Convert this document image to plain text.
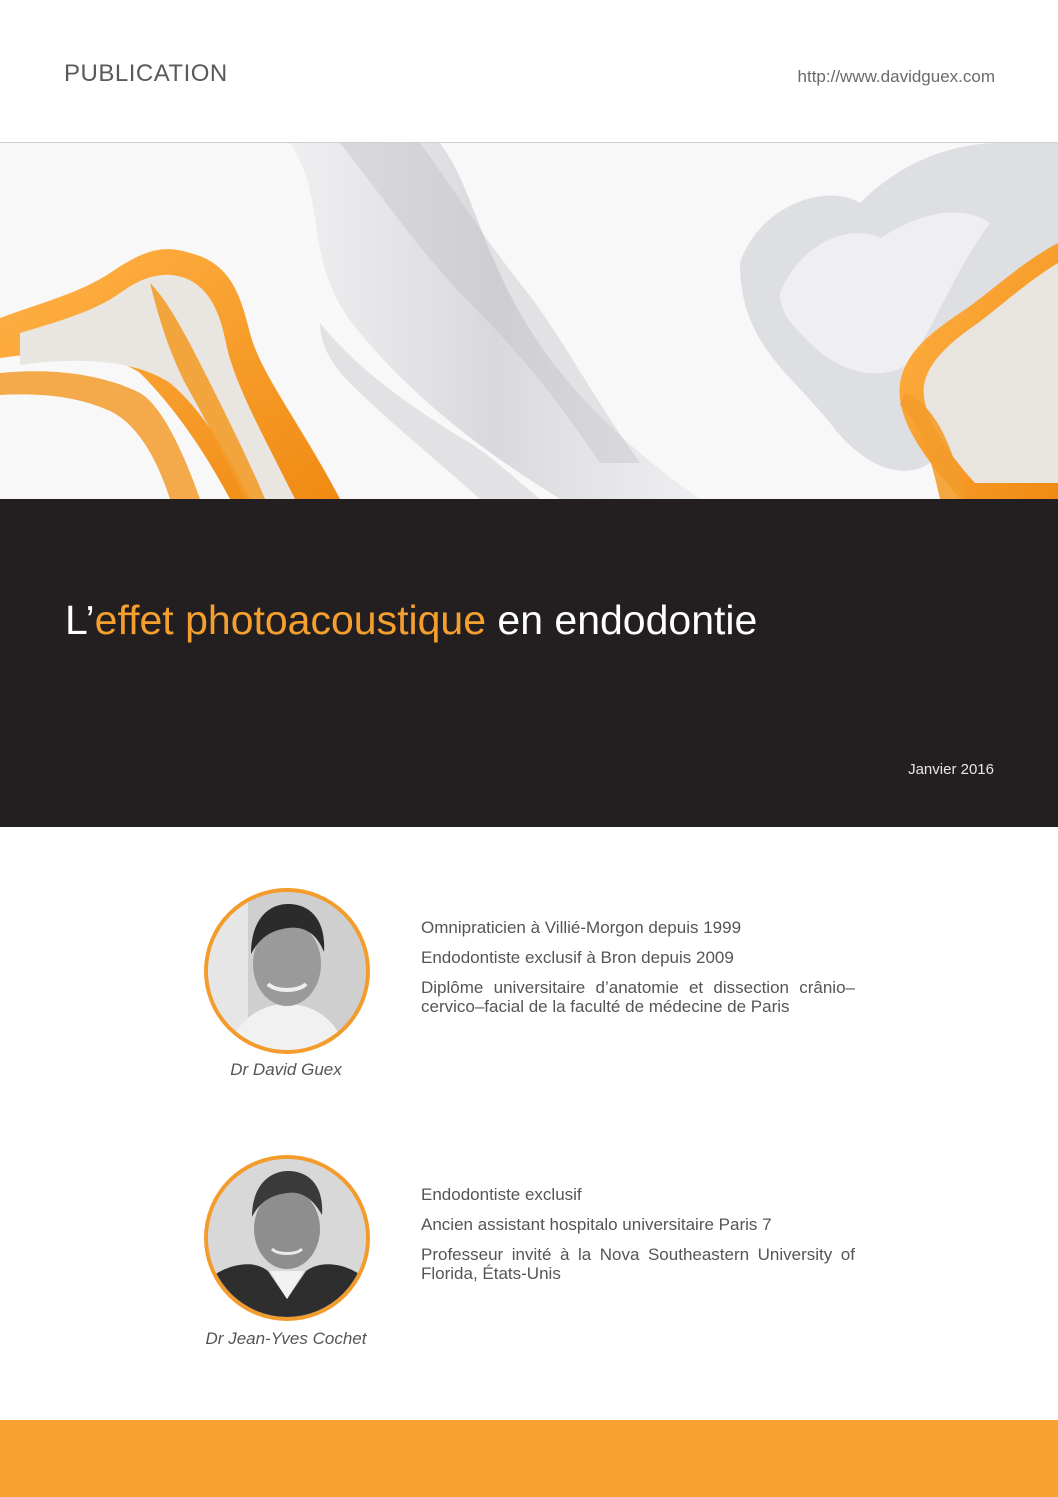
PUBLICATION	http://www.davidguex.com
L’effet photoacoustique en endodontie
Janvier 2016
Dr David Guex
Omnipraticien à Villié-Morgon depuis 1999
Endodontiste exclusif à Bron depuis 2009
Diplôme universitaire d’anatomie et dissection crânio–cervico–facial de la faculté de médecine de Paris
Dr Jean-Yves Cochet
Endodontiste exclusif
Ancien assistant hospitalo universitaire Paris 7
Professeur invité à la Nova Southeastern University of Florida, États-Unis
